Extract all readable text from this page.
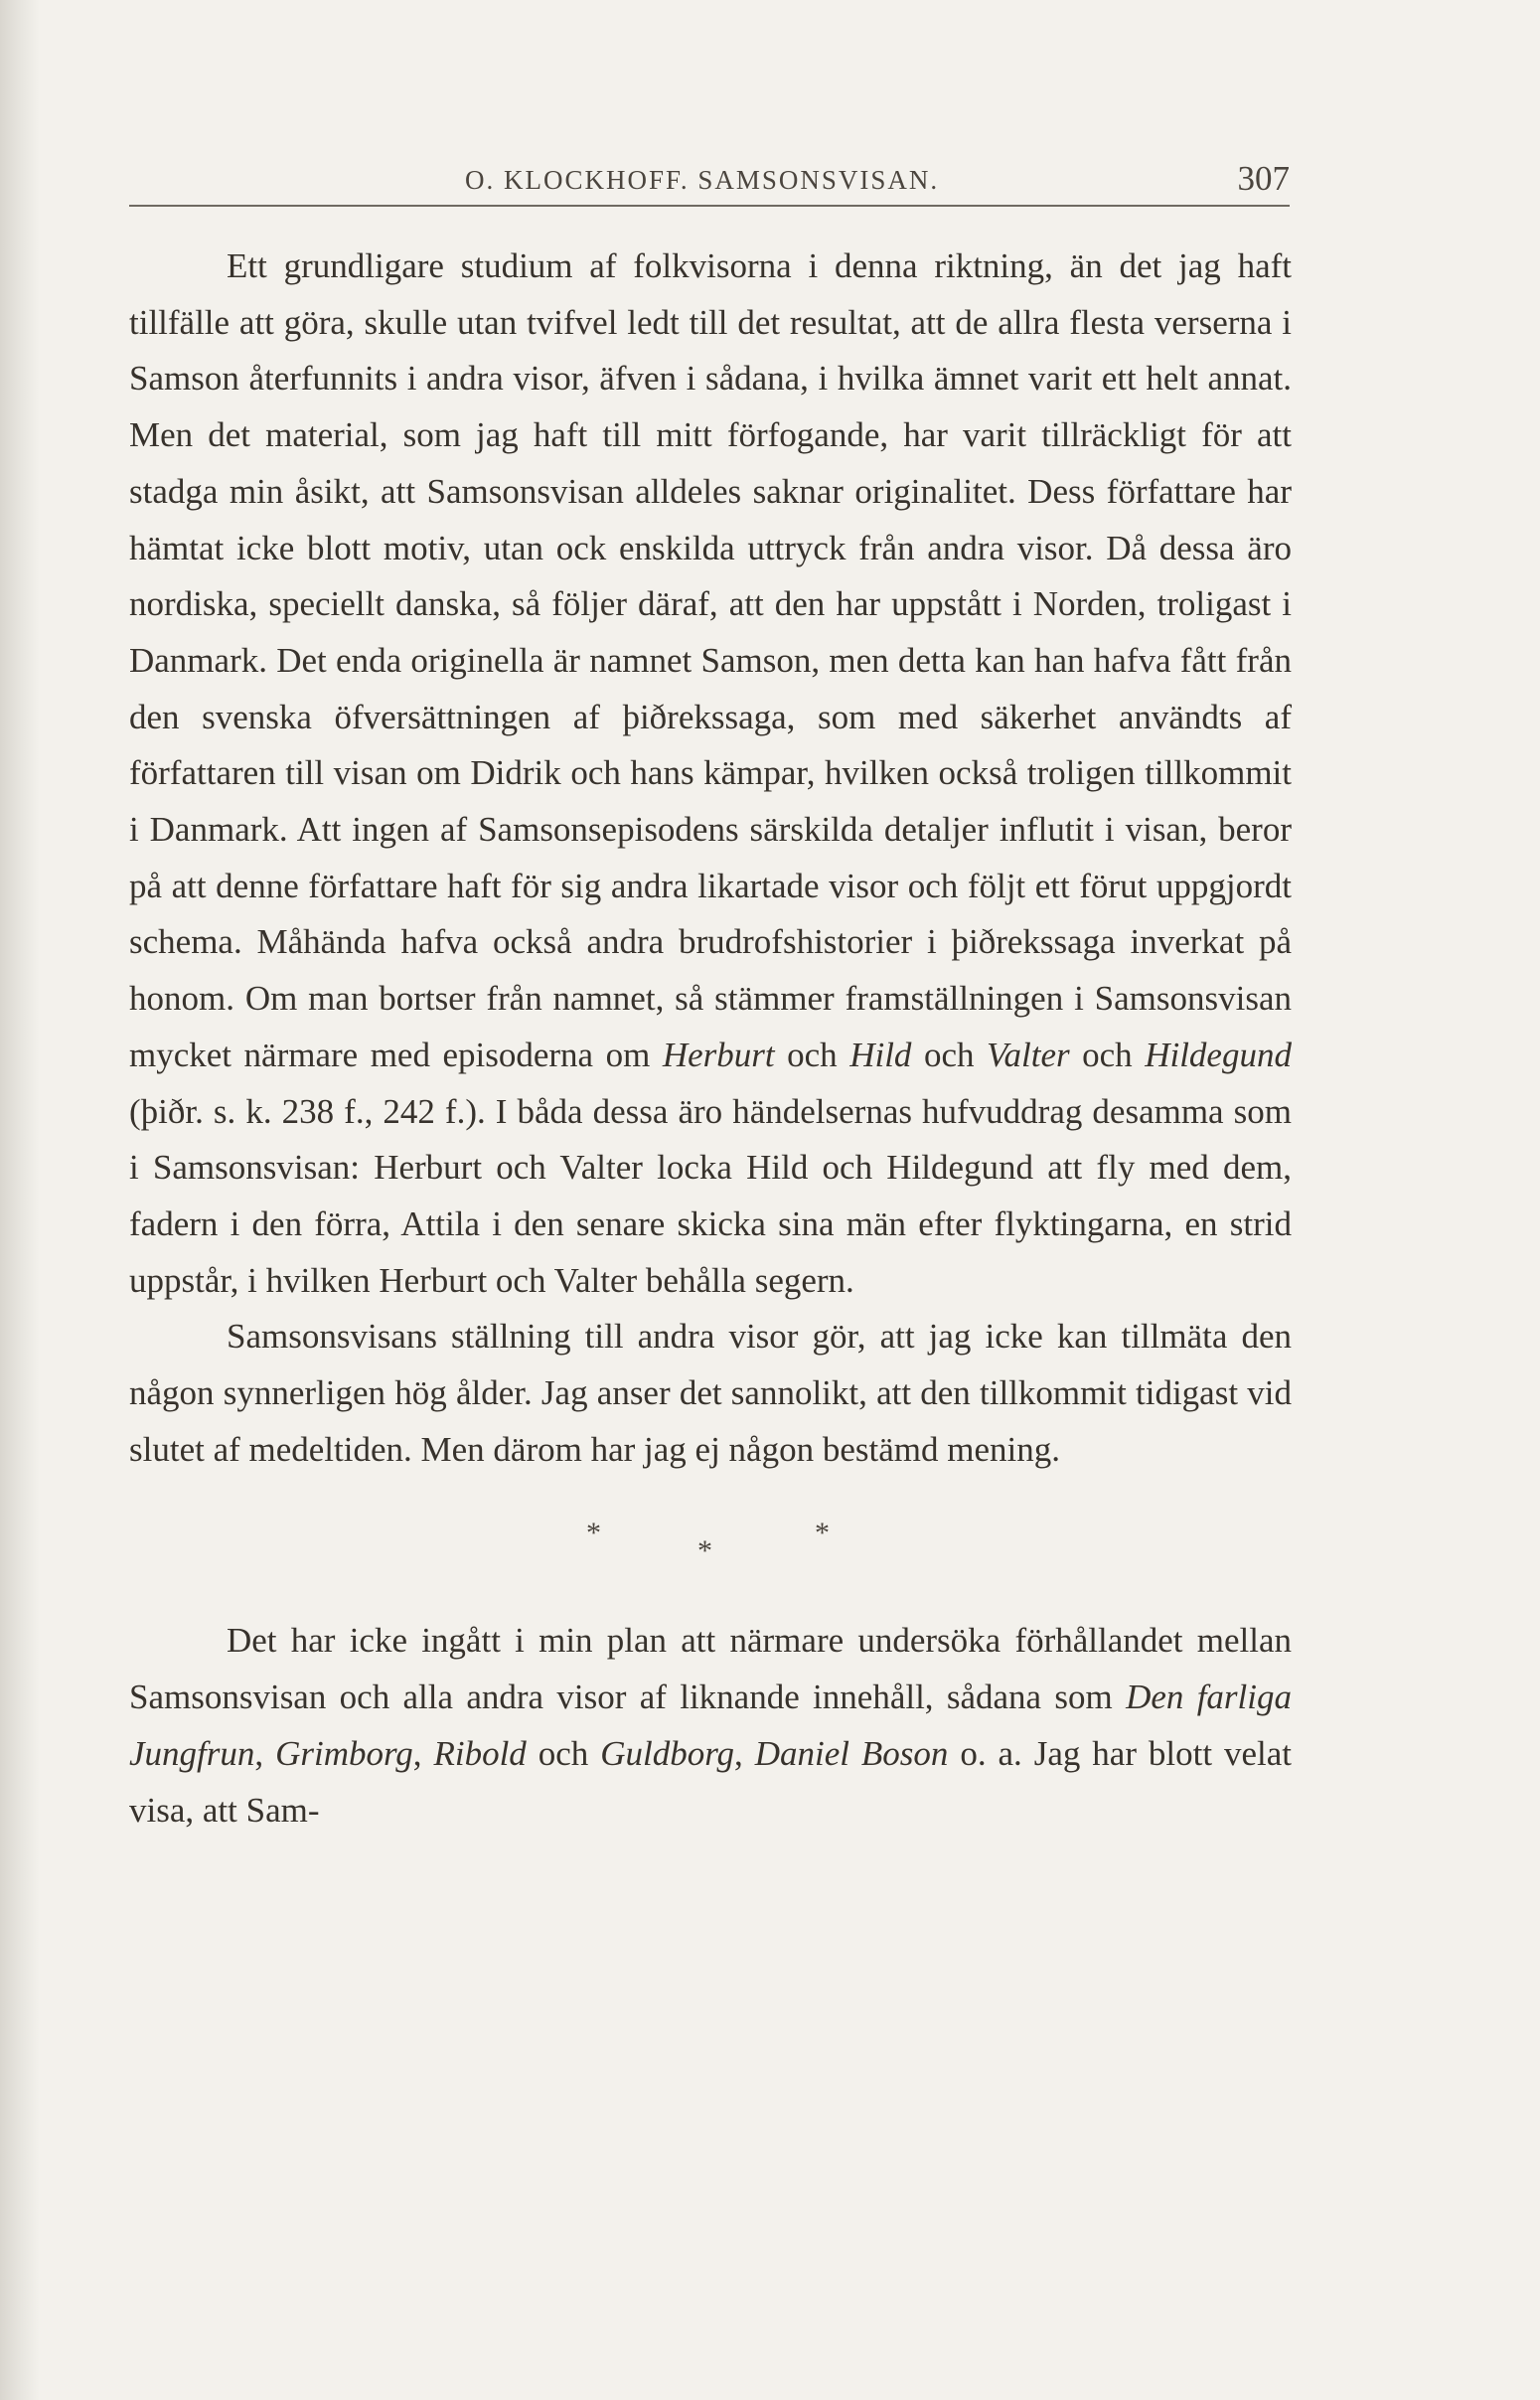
O. KLOCKHOFF. SAMSONSVISAN.	307

Ett grundligare studium af folkvisorna i denna riktning, än det jag haft tillfälle att göra, skulle utan tvifvel ledt till det resultat, att de allra flesta verserna i Samson återfunnits i andra visor, äfven i sådana, i hvilka ämnet varit ett helt annat. Men det material, som jag haft till mitt förfogande, har varit tillräckligt för att stadga min åsikt, att Samsonsvisan alldeles saknar originalitet. Dess författare har hämtat icke blott motiv, utan ock enskilda uttryck från andra visor. Då dessa äro nordiska, speciellt danska, så följer däraf, att den har uppstått i Norden, troligast i Danmark. Det enda originella är namnet Samson, men detta kan han hafva fått från den svenska öfversättningen af þiðrekssaga, som med säkerhet användts af författaren till visan om Didrik och hans kämpar, hvilken också troligen tillkommit i Danmark. Att ingen af Samsonsepisodens särskilda detaljer influtit i visan, beror på att denne författare haft för sig andra likartade visor och följt ett förut uppgjordt schema. Måhända hafva också andra brudrofshistorier i þiðrekssaga inverkat på honom. Om man bortser från namnet, så stämmer framställningen i Samsonsvisan mycket närmare med episoderna om Herburt och Hild och Valter och Hildegund (þiðr. s. k. 238 f., 242 f.). I båda dessa äro händelsernas hufvuddrag desamma som i Samsonsvisan: Herburt och Valter locka Hild och Hildegund att fly med dem, fadern i den förra, Attila i den senare skicka sina män efter flyktingarna, en strid uppstår, i hvilken Herburt och Valter behålla segern.

Samsonsvisans ställning till andra visor gör, att jag icke kan tillmäta den någon synnerligen hög ålder. Jag anser det sannolikt, att den tillkommit tidigast vid slutet af medeltiden. Men därom har jag ej någon bestämd mening.

*
*
*

Det har icke ingått i min plan att närmare undersöka förhållandet mellan Samsonsvisan och alla andra visor af liknande innehåll, sådana som Den farliga Jungfrun, Grimborg, Ribold och Guldborg, Daniel Boson o. a. Jag har blott velat visa, att Sam-
